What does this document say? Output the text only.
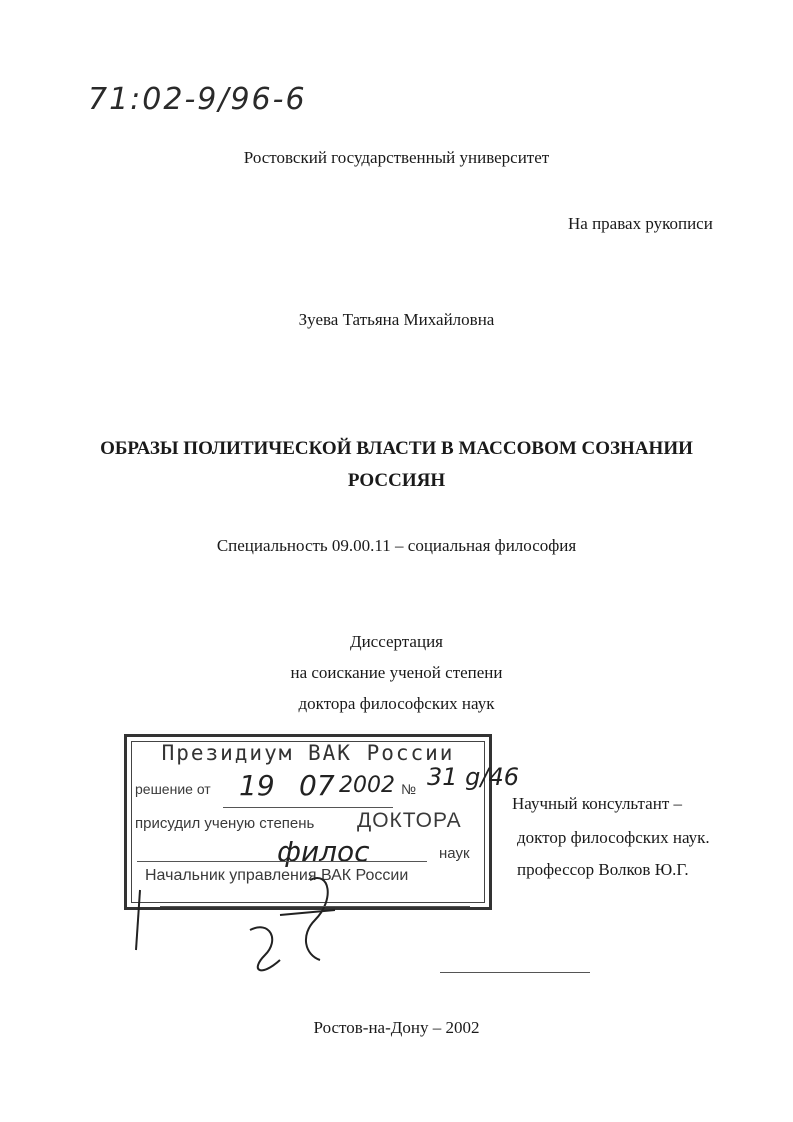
71:02-9/96-6
Ростовский государственный университет
На правах рукописи
Зуева Татьяна Михайловна
ОБРАЗЫ ПОЛИТИЧЕСКОЙ ВЛАСТИ В МАССОВОМ СОЗНАНИИ
РОССИЯН
Специальность 09.00.11 – социальная философия
Диссертация
на соискание ученой степени
доктора философских наук
Президиум ВАК России
решение от 19 07 2002 № 31 g/46
присудил ученую степень ДОКТОРА
филос	наук
Начальник управления ВАК России
Научный консультант –
доктор философских наук.
профессор Волков Ю.Г.
Ростов-на-Дону – 2002
